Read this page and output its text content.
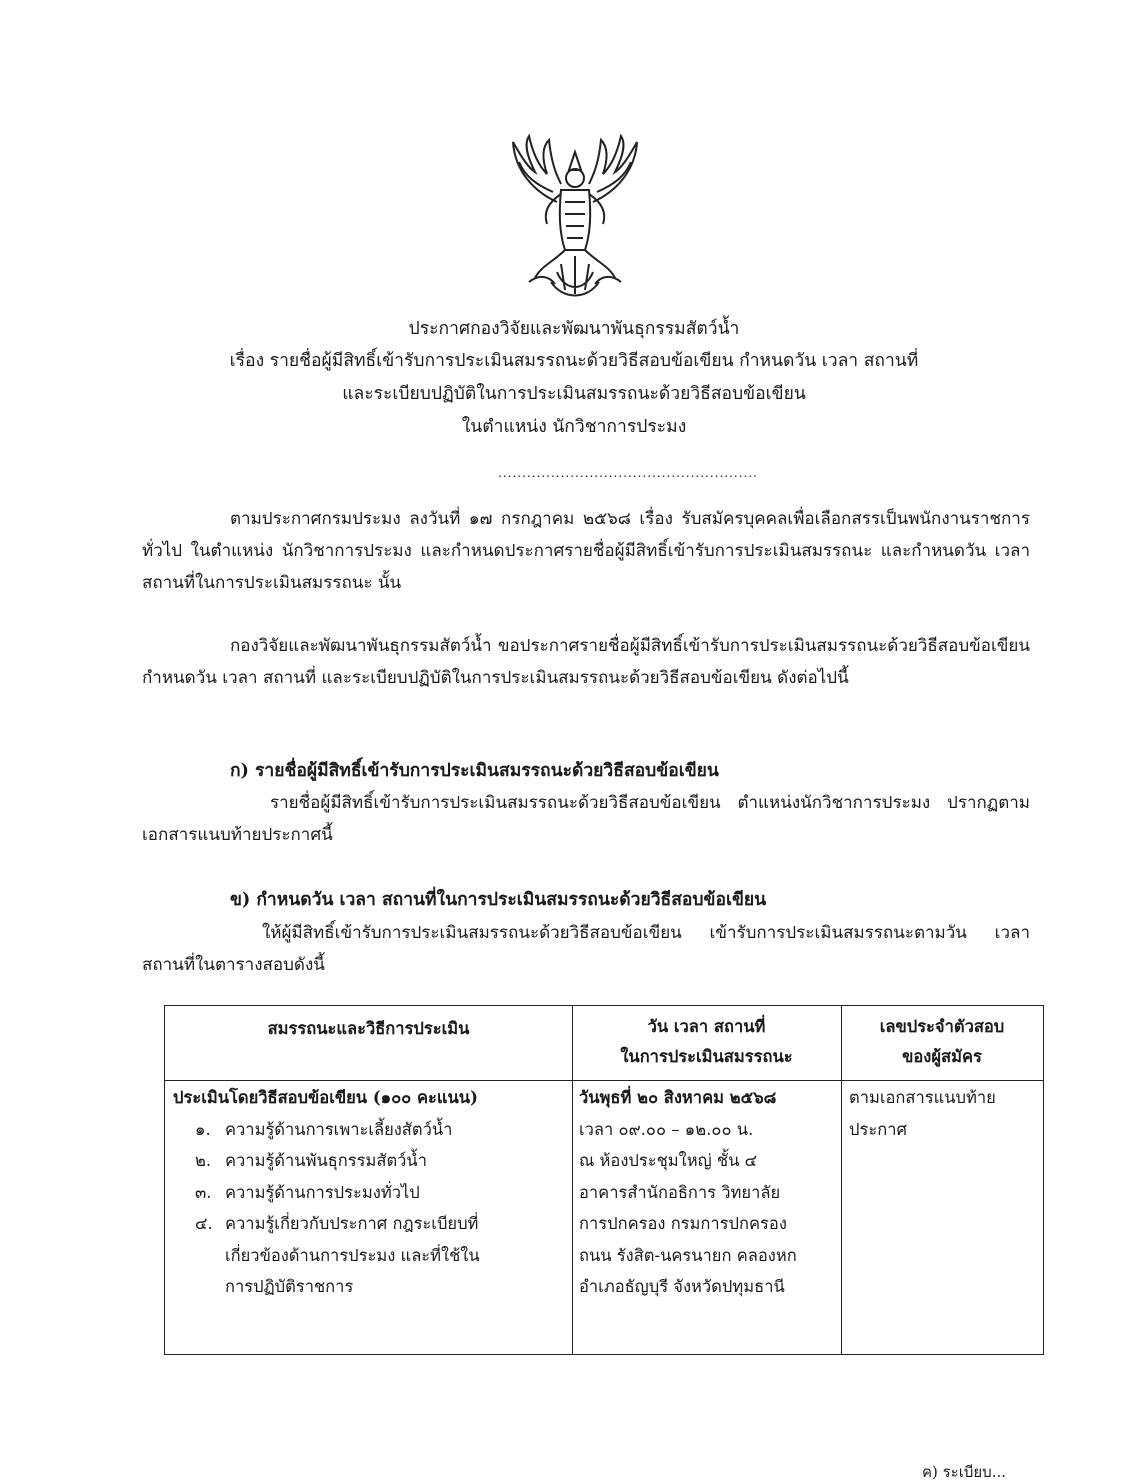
ประกาศกองวิจัยและพัฒนาพันธุกรรมสัตว์น้ำ
เรื่อง รายชื่อผู้มีสิทธิ์เข้ารับการประเมินสมรรถนะด้วยวิธีสอบข้อเขียน กำหนดวัน เวลา สถานที่
และระเบียบปฏิบัติในการประเมินสมรรถนะด้วยวิธีสอบข้อเขียน
ในตำแหน่ง นักวิชาการประมง
......................................................

ตามประกาศกรมประมง ลงวันที่ ๑๗ กรกฎาคม ๒๕๖๘ เรื่อง รับสมัครบุคคลเพื่อเลือกสรรเป็นพนักงานราชการทั่วไป ในตำแหน่ง นักวิชาการประมง และกำหนดประกาศรายชื่อผู้มีสิทธิ์เข้ารับการประเมินสมรรถนะ และกำหนดวัน เวลา สถานที่ในการประเมินสมรรถนะ นั้น

กองวิจัยและพัฒนาพันธุกรรมสัตว์น้ำ ขอประกาศรายชื่อผู้มีสิทธิ์เข้ารับการประเมินสมรรถนะด้วยวิธีสอบข้อเขียน กำหนดวัน เวลา สถานที่ และระเบียบปฏิบัติในการประเมินสมรรถนะด้วยวิธีสอบข้อเขียน ดังต่อไปนี้

ก) รายชื่อผู้มีสิทธิ์เข้ารับการประเมินสมรรถนะด้วยวิธีสอบข้อเขียน

รายชื่อผู้มีสิทธิ์เข้ารับการประเมินสมรรถนะด้วยวิธีสอบข้อเขียน ตำแหน่งนักวิชาการประมง ปรากฏตามเอกสารแนบท้ายประกาศนี้

ข) กำหนดวัน เวลา สถานที่ในการประเมินสมรรถนะด้วยวิธีสอบข้อเขียน

ให้ผู้มีสิทธิ์เข้ารับการประเมินสมรรถนะด้วยวิธีสอบข้อเขียน เข้ารับการประเมินสมรรถนะตามวัน เวลา สถานที่ในตารางสอบดังนี้

สมรรถนะและวิธีการประเมิน	วัน เวลา สถานที่
ในการประเมินสมรรถนะ
เลขประจำตัวสอบ
ของผู้สมัคร
ประเมินโดยวิธีสอบข้อเขียน (๑๐๐ คะแนน)
๑. ความรู้ด้านการเพาะเลี้ยงสัตว์น้ำ
๒. ความรู้ด้านพันธุกรรมสัตว์น้ำ
๓. ความรู้ด้านการประมงทั่วไป
๔. ความรู้เกี่ยวกับประกาศ กฎระเบียบที่
เกี่ยวข้องด้านการประมง และที่ใช้ใน
การปฏิบัติราชการ
วันพุธที่ ๒๐ สิงหาคม ๒๕๖๘
เวลา ๐๙.๐๐ – ๑๒.๐๐ น.
ณ ห้องประชุมใหญ่ ชั้น ๔
อาคารสำนักอธิการ วิทยาลัย
การปกครอง กรมการปกครอง
ถนน รังสิต-นครนายก คลองหก
อำเภอธัญบุรี จังหวัดปทุมธานี
ตามเอกสารแนบท้าย
ประกาศ
ค) ระเบียบ...
